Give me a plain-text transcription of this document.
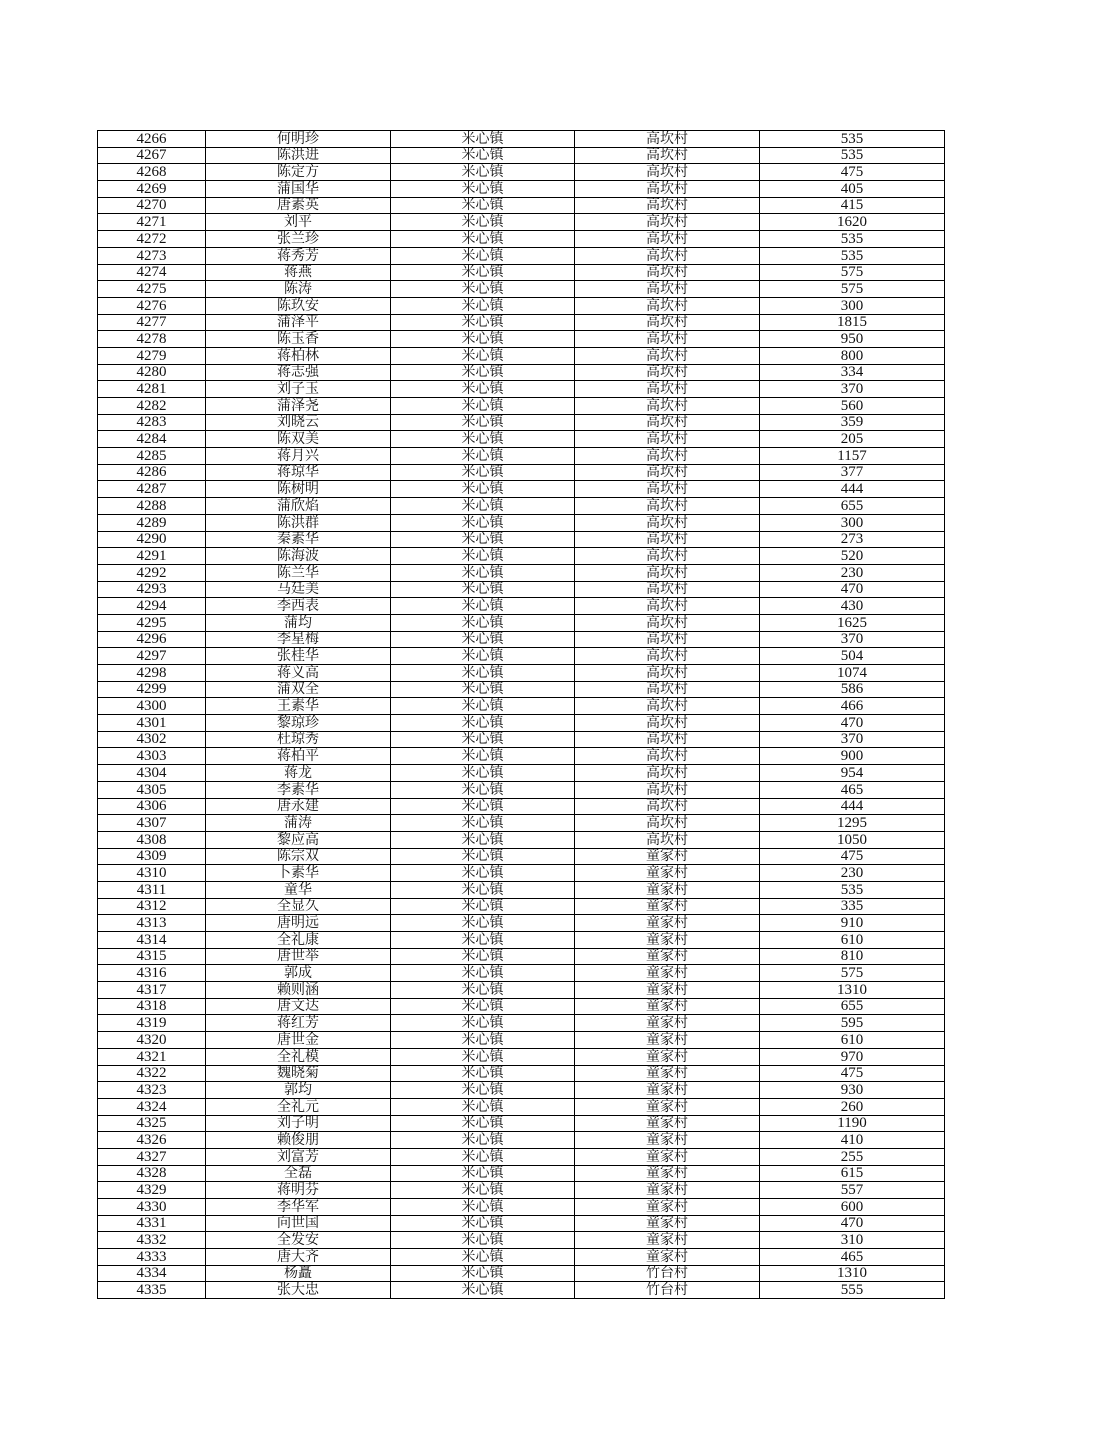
4266	何明珍	米心镇	高坎村	535
4267	陈洪进	米心镇	高坎村	535
4268	陈定方	米心镇	高坎村	475
4269	蒲国华	米心镇	高坎村	405
4270	唐素英	米心镇	高坎村	415
4271	刘平	米心镇	高坎村	1620
4272	张兰珍	米心镇	高坎村	535
4273	蒋秀芳	米心镇	高坎村	535
4274	蒋燕	米心镇	高坎村	575
4275	陈涛	米心镇	高坎村	575
4276	陈玖安	米心镇	高坎村	300
4277	蒲泽平	米心镇	高坎村	1815
4278	陈玉香	米心镇	高坎村	950
4279	蒋柏林	米心镇	高坎村	800
4280	蒋志强	米心镇	高坎村	334
4281	刘子玉	米心镇	高坎村	370
4282	蒲泽尧	米心镇	高坎村	560
4283	刘晓云	米心镇	高坎村	359
4284	陈双美	米心镇	高坎村	205
4285	蒋月兴	米心镇	高坎村	1157
4286	蒋琼华	米心镇	高坎村	377
4287	陈树明	米心镇	高坎村	444
4288	蒲欣焰	米心镇	高坎村	655
4289	陈洪群	米心镇	高坎村	300
4290	秦素华	米心镇	高坎村	273
4291	陈海波	米心镇	高坎村	520
4292	陈兰华	米心镇	高坎村	230
4293	马廷美	米心镇	高坎村	470
4294	李西表	米心镇	高坎村	430
4295	蒲均	米心镇	高坎村	1625
4296	李星梅	米心镇	高坎村	370
4297	张桂华	米心镇	高坎村	504
4298	蒋义高	米心镇	高坎村	1074
4299	蒲双全	米心镇	高坎村	586
4300	王素华	米心镇	高坎村	466
4301	黎琼珍	米心镇	高坎村	470
4302	杜琼秀	米心镇	高坎村	370
4303	蒋柏平	米心镇	高坎村	900
4304	蒋龙	米心镇	高坎村	954
4305	李素华	米心镇	高坎村	465
4306	唐永建	米心镇	高坎村	444
4307	蒲涛	米心镇	高坎村	1295
4308	黎应高	米心镇	高坎村	1050
4309	陈宗双	米心镇	童家村	475
4310	卜素华	米心镇	童家村	230
4311	童华	米心镇	童家村	535
4312	全显久	米心镇	童家村	335
4313	唐明远	米心镇	童家村	910
4314	全礼康	米心镇	童家村	610
4315	唐世举	米心镇	童家村	810
4316	郭成	米心镇	童家村	575
4317	赖则涵	米心镇	童家村	1310
4318	唐文达	米心镇	童家村	655
4319	蒋红芳	米心镇	童家村	595
4320	唐世金	米心镇	童家村	610
4321	全礼模	米心镇	童家村	970
4322	魏晓菊	米心镇	童家村	475
4323	郭均	米心镇	童家村	930
4324	全礼元	米心镇	童家村	260
4325	刘子明	米心镇	童家村	1190
4326	赖俊朋	米心镇	童家村	410
4327	刘富芳	米心镇	童家村	255
4328	全磊	米心镇	童家村	615
4329	蒋明芬	米心镇	童家村	557
4330	李华军	米心镇	童家村	600
4331	向世国	米心镇	童家村	470
4332	全发安	米心镇	童家村	310
4333	唐大齐	米心镇	童家村	465
4334	杨矗	米心镇	竹台村	1310
4335	张大忠	米心镇	竹台村	555
